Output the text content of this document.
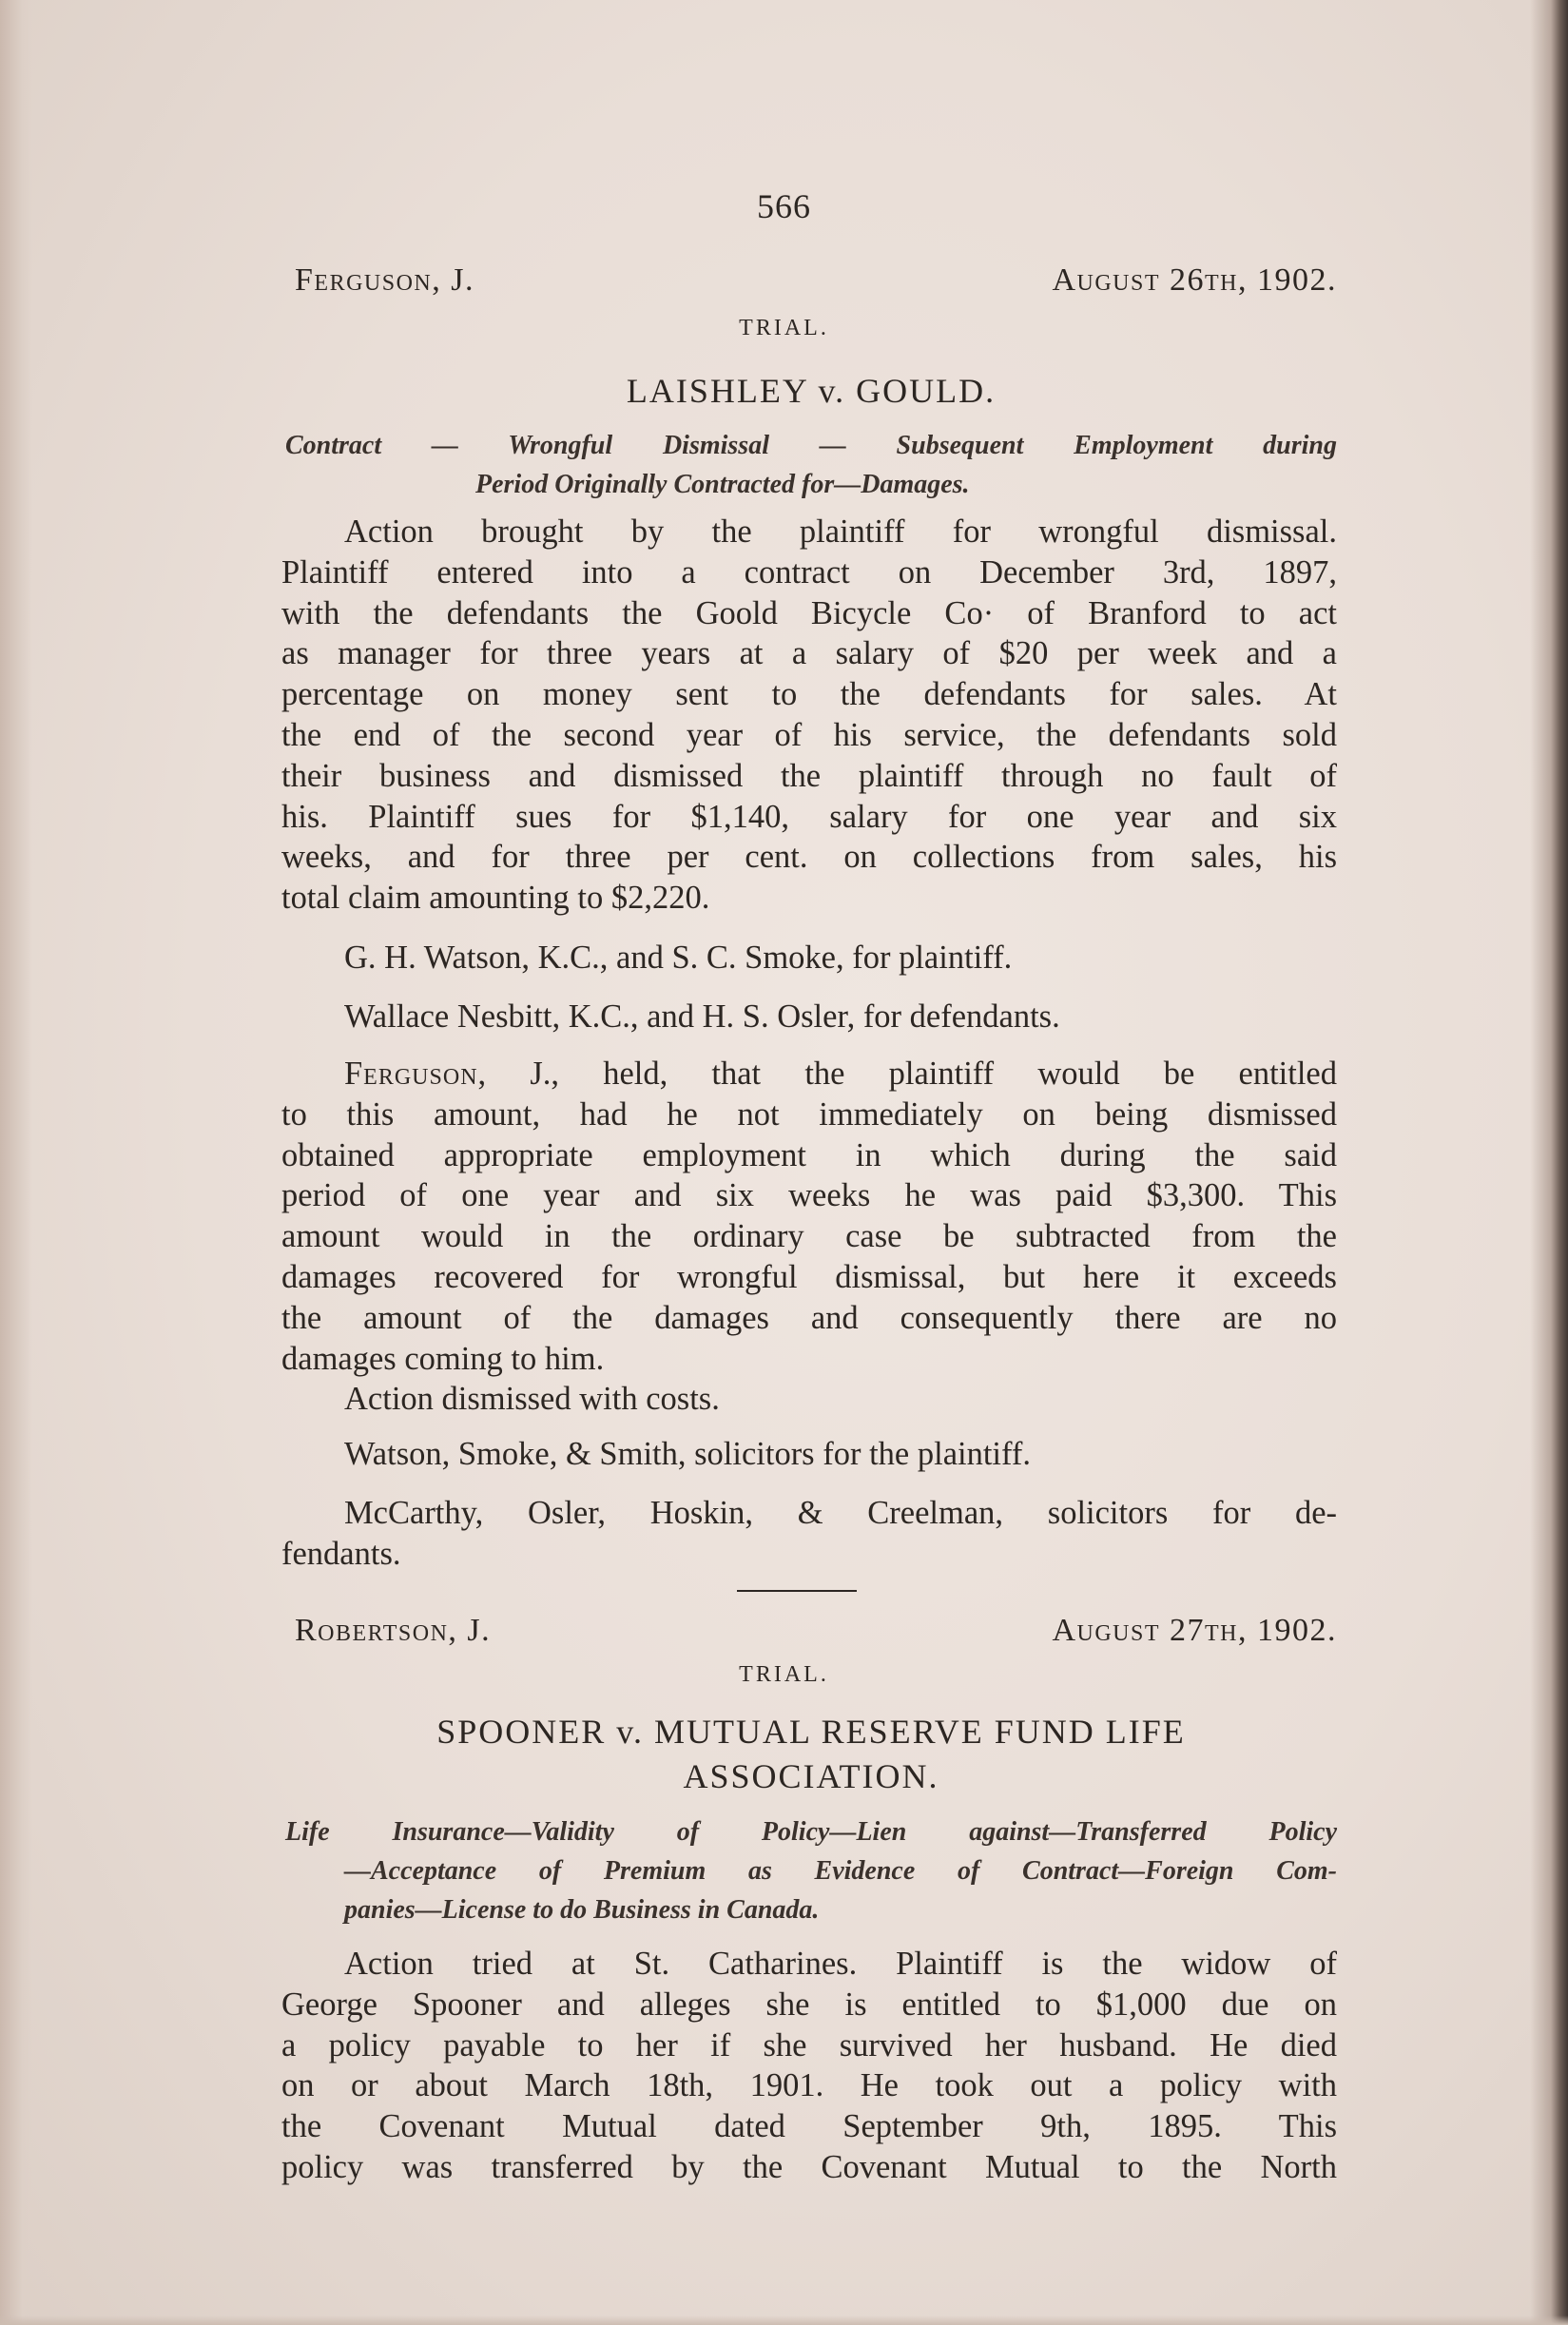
566
Ferguson, J.	August 26th, 1902.
TRIAL.
LAISHLEY v. GOULD.
Contract — Wrongful Dismissal — Subsequent Employment during
Period Originally Contracted for—Damages.
Action brought by the plaintiff for wrongful dismissal.
Plaintiff entered into a contract on December 3rd, 1897,
with the defendants the Goold Bicycle Co· of Branford to act
as manager for three years at a salary of $20 per week and a
percentage on money sent to the defendants for sales. At
the end of the second year of his service, the defendants sold
their business and dismissed the plaintiff through no fault of
his. Plaintiff sues for $1,140, salary for one year and six
weeks, and for three per cent. on collections from sales, his
total claim amounting to $2,220.
G. H. Watson, K.C., and S. C. Smoke, for plaintiff.
Wallace Nesbitt, K.C., and H. S. Osler, for defendants.
Ferguson, J., held, that the plaintiff would be entitled
to this amount, had he not immediately on being dismissed
obtained appropriate employment in which during the said
period of one year and six weeks he was paid $3,300. This
amount would in the ordinary case be subtracted from the
damages recovered for wrongful dismissal, but here it exceeds
the amount of the damages and consequently there are no
damages coming to him.
Action dismissed with costs.
Watson, Smoke, & Smith, solicitors for the plaintiff.
McCarthy, Osler, Hoskin, & Creelman, solicitors for de-
fendants.
Robertson, J.	August 27th, 1902.
TRIAL.
SPOONER v. MUTUAL RESERVE FUND LIFE
ASSOCIATION.
Life Insurance—Validity of Policy—Lien against—Transferred Policy
—Acceptance of Premium as Evidence of Contract—Foreign Com-
panies—License to do Business in Canada.
Action tried at St. Catharines. Plaintiff is the widow of
George Spooner and alleges she is entitled to $1,000 due on
a policy payable to her if she survived her husband. He died
on or about March 18th, 1901. He took out a policy with
the Covenant Mutual dated September 9th, 1895. This
policy was transferred by the Covenant Mutual to the North
